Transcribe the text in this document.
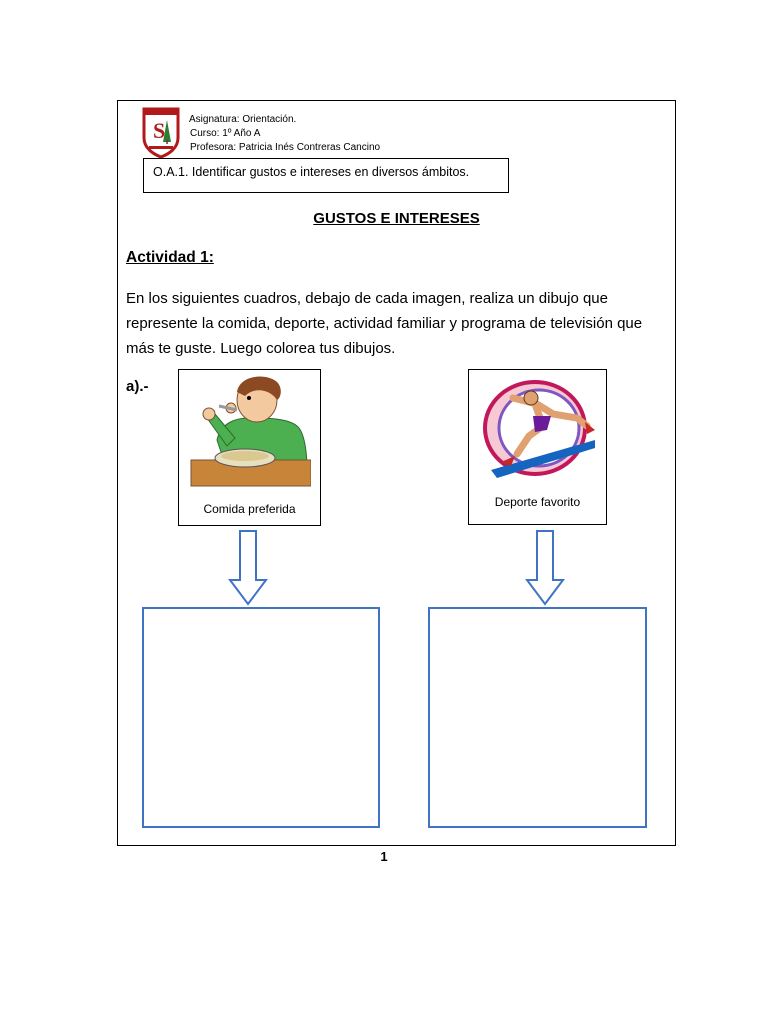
S Asignatura: Orientación.
Curso: 1º Año A
Profesora: Patricia Inés Contreras Cancino
O.A.1. Identificar gustos e intereses en diversos ámbitos.
GUSTOS E INTERESES
Actividad 1:
En los siguientes cuadros, debajo de cada imagen, realiza un dibujo que represente la comida, deporte, actividad familiar y programa de televisión que más te guste. Luego colorea tus dibujos.
a).-
Comida preferida	Deporte favorito
1
